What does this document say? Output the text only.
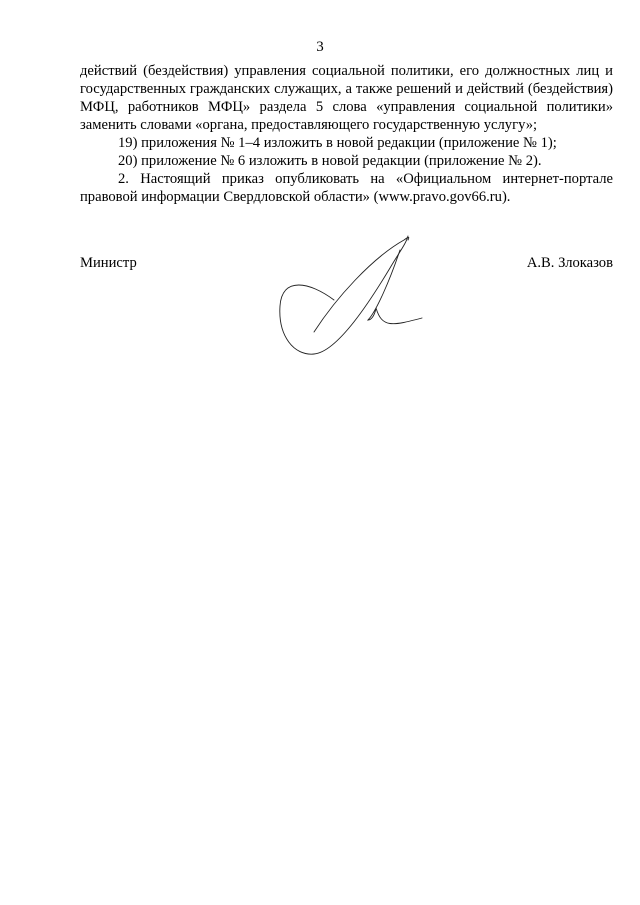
3

действий (бездействия) управления социальной политики, его должностных лиц и государственных гражданских служащих, а также решений и действий (бездействия) МФЦ, работников МФЦ» раздела 5 слова «управления социальной политики» заменить словами «органа, предоставляющего государственную услугу»;

19) приложения № 1–4 изложить в новой редакции (приложение № 1);

20) приложение № 6 изложить в новой редакции (приложение № 2).

2. Настоящий приказ опубликовать на «Официальном интернет-портале правовой информации Свердловской области» (www.pravo.gov66.ru).

Министр	А.В. Злоказов
